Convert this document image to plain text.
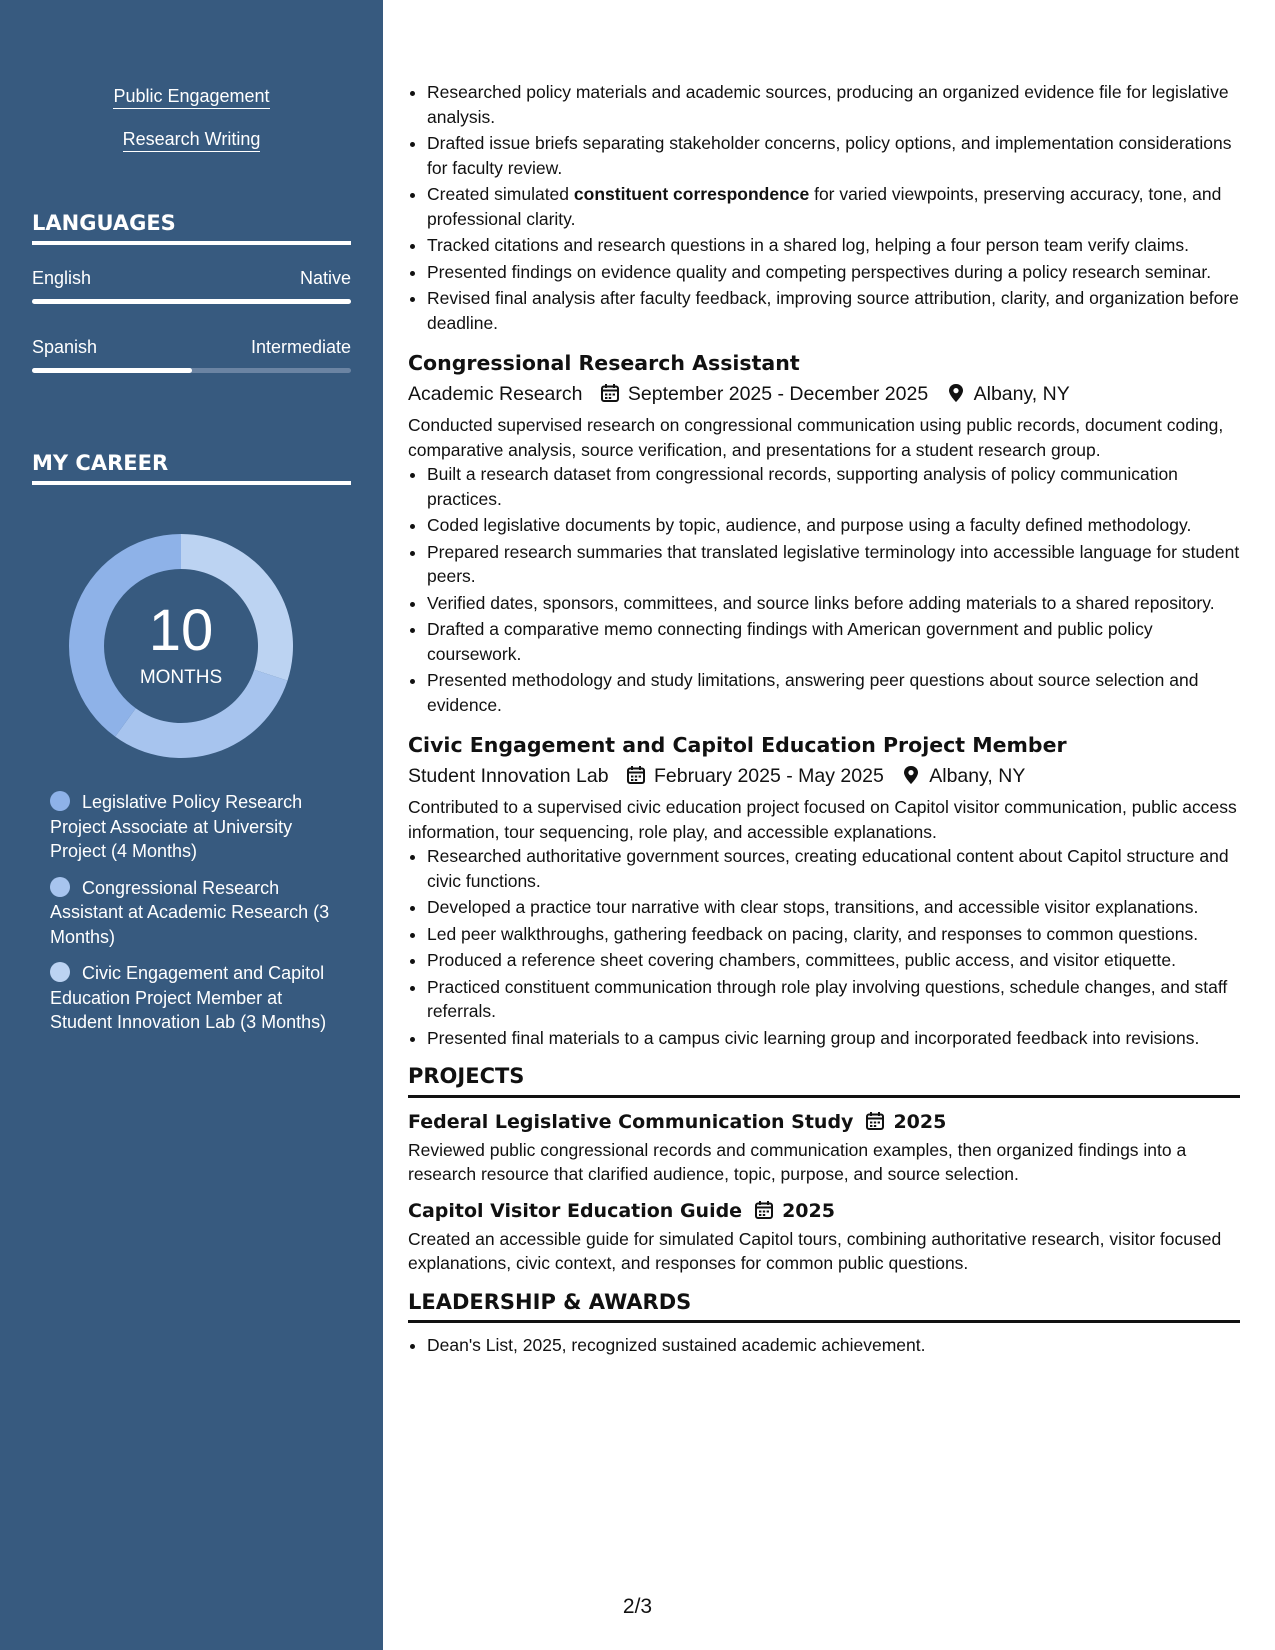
Public Engagement
Research Writing
LANGUAGES
English	Native
Spanish	Intermediate
MY CAREER
10
MONTHS
Legislative Policy Research Project Associate at University Project (4 Months)
Congressional Research Assistant at Academic Research (3 Months)
Civic Engagement and Capitol Education Project Member at Student Innovation Lab (3 Months)
• Researched policy materials and academic sources, producing an organized evidence file for legislative analysis.
• Drafted issue briefs separating stakeholder concerns, policy options, and implementation considerations for faculty review.
• Created simulated constituent correspondence for varied viewpoints, preserving accuracy, tone, and professional clarity.
• Tracked citations and research questions in a shared log, helping a four person team verify claims.
• Presented findings on evidence quality and competing perspectives during a policy research seminar.
• Revised final analysis after faculty feedback, improving source attribution, clarity, and organization before deadline.
Congressional Research Assistant
Academic Research September 2025 - December 2025 Albany, NY

Conducted supervised research on congressional communication using public records, document coding, comparative analysis, source verification, and presentations for a student research group.

• Built a research dataset from congressional records, supporting analysis of policy communication practices.
• Coded legislative documents by topic, audience, and purpose using a faculty defined methodology.
• Prepared research summaries that translated legislative terminology into accessible language for student peers.
• Verified dates, sponsors, committees, and source links before adding materials to a shared repository.
• Drafted a comparative memo connecting findings with American government and public policy coursework.
• Presented methodology and study limitations, answering peer questions about source selection and evidence.
Civic Engagement and Capitol Education Project Member
Student Innovation Lab February 2025 - May 2025 Albany, NY

Contributed to a supervised civic education project focused on Capitol visitor communication, public access information, tour sequencing, role play, and accessible explanations.

• Researched authoritative government sources, creating educational content about Capitol structure and civic functions.
• Developed a practice tour narrative with clear stops, transitions, and accessible visitor explanations.
• Led peer walkthroughs, gathering feedback on pacing, clarity, and responses to common questions.
• Produced a reference sheet covering chambers, committees, public access, and visitor etiquette.
• Practiced constituent communication through role play involving questions, schedule changes, and staff referrals.
• Presented final materials to a campus civic learning group and incorporated feedback into revisions.
PROJECTS
Federal Legislative Communication Study 2025

Reviewed public congressional records and communication examples, then organized findings into a research resource that clarified audience, topic, purpose, and source selection.

Capitol Visitor Education Guide 2025

Created an accessible guide for simulated Capitol tours, combining authoritative research, visitor focused explanations, civic context, and responses for common public questions.

LEADERSHIP & AWARDS
• Dean's List, 2025, recognized sustained academic achievement.
2/3
